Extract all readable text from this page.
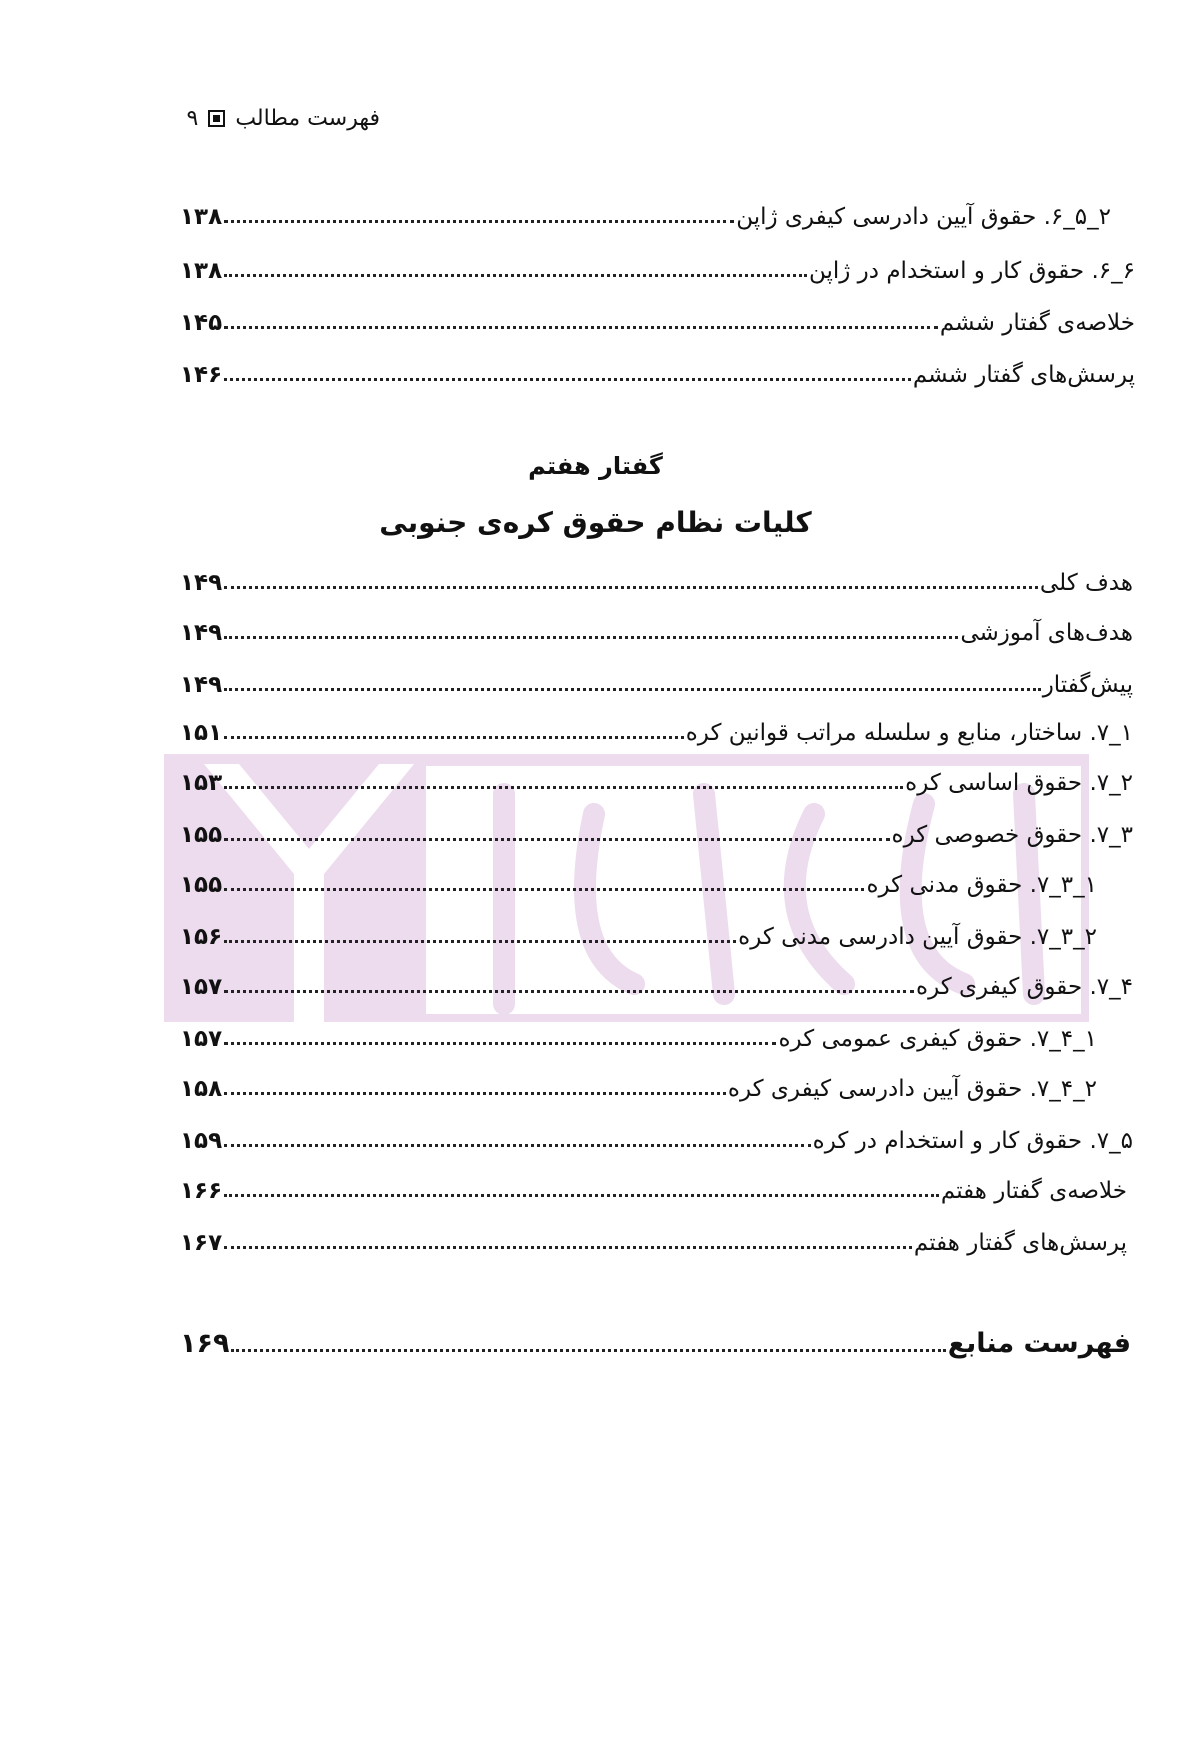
فهرست مطالب
۹
گفتار هفتم
کلیات نظام حقوق کره‌ی جنوبی
فهرست منابع
۱۶۹
۲_۵_۶. حقوق آیین دادرسی کیفری ژاپن
۱۳۸
۶_۶. حقوق کار و استخدام در ژاپن
۱۳۸
خلاصه‌ی گفتار ششم
۱۴۵
پرسش‌های گفتار ششم
۱۴۶
هدف کلی
۱۴۹
هدف‌های آموزشی
۱۴۹
پیش‌گفتار
۱۴۹
۱_۷. ساختار، منابع و سلسله مراتب قوانین کره
۱۵۱
۲_۷. حقوق اساسی کره
۱۵۳
۳_۷. حقوق خصوصی کره
۱۵۵
۱_۳_۷. حقوق مدنی کره
۱۵۵
۲_۳_۷. حقوق آیین دادرسی مدنی کره
۱۵۶
۴_۷. حقوق کیفری کره
۱۵۷
۱_۴_۷. حقوق کیفری عمومی کره
۱۵۷
۲_۴_۷. حقوق آیین دادرسی کیفری کره
۱۵۸
۵_۷. حقوق کار و استخدام در کره
۱۵۹
خلاصه‌ی گفتار هفتم
۱۶۶
پرسش‌های گفتار هفتم
۱۶۷
